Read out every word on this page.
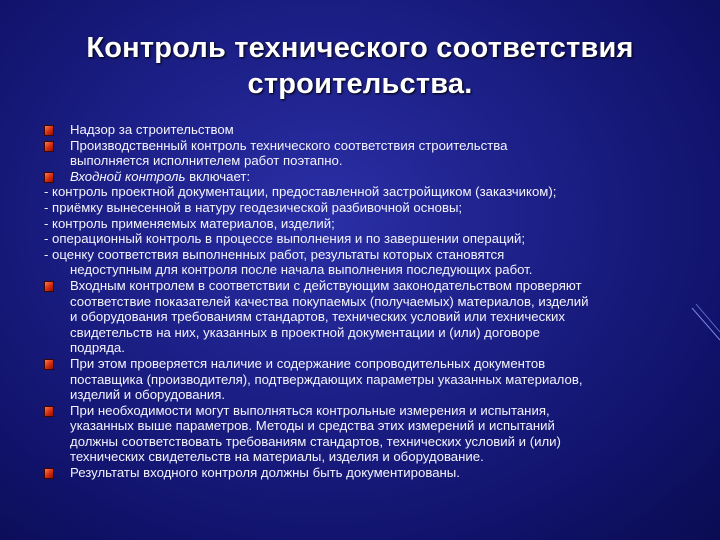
Контроль технического соответствия
строительства.
Надзор за строительством
Производственный контроль технического соответствия строительства
выполняется исполнителем работ поэтапно.
Входной контроль включает:
- контроль проектной документации, предоставленной застройщиком (заказчиком);
- приёмку вынесенной в натуру геодезической разбивочной основы;
- контроль применяемых материалов, изделий;
- операционный контроль в процессе выполнения и по завершении операций;
- оценку соответствия выполненных работ, результаты которых становятся
недоступным для контроля после начала выполнения последующих работ.
Входным контролем в соответствии с действующим законодательством проверяют
соответствие показателей качества покупаемых (получаемых) материалов, изделий
и оборудования требованиям стандартов, технических условий или технических
свидетельств на них, указанных в проектной документации и (или) договоре
подряда.
При этом проверяется наличие и содержание сопроводительных документов
поставщика (производителя), подтверждающих параметры указанных материалов,
изделий и оборудования.
При необходимости могут выполняться контрольные измерения и испытания,
указанных выше параметров. Методы и средства этих измерений и испытаний
должны соответствовать требованиям стандартов, технических условий и (или)
технических свидетельств на материалы, изделия и оборудование.
Результаты входного контроля должны быть документированы.
